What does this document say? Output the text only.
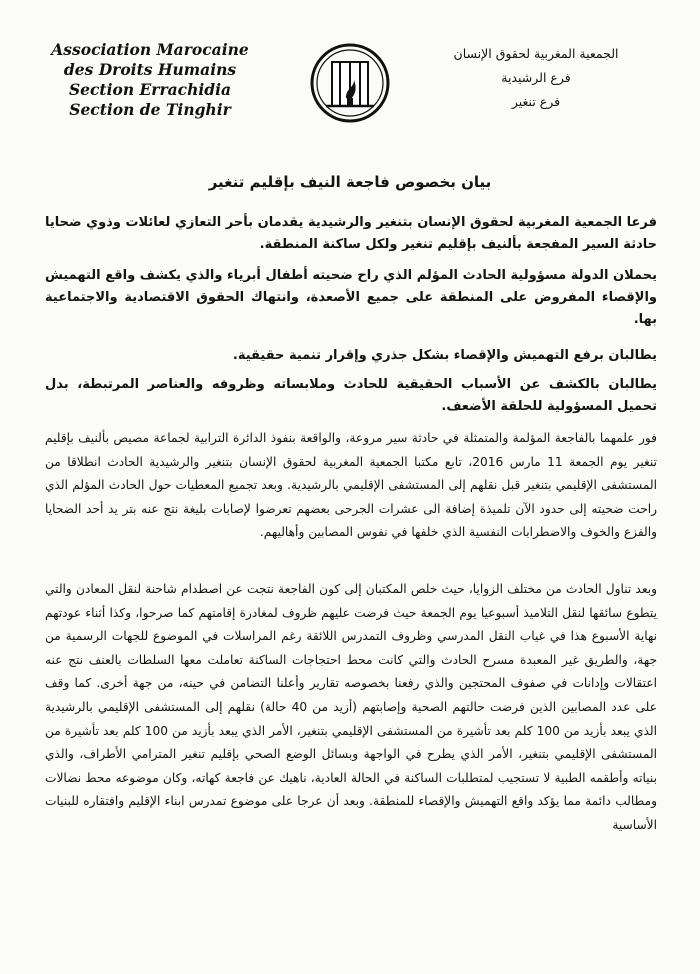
Association Marocaine
des Droits Humains
Section Errachidia
Section de Tinghir
الجمعية المغربية لحقوق الإنسان
فرع الرشيدية
فرع تنغير
بيان بخصوص فاجعة النيف بإقليم تنغير

فرعا الجمعية المغربية لحقوق الإنسان بتنغير والرشيدية يقدمان بأحر التعازي لعائلات وذوي ضحايا حادثة السير المفجعة بألنيف بإقليم تنغير ولكل ساكنة المنطقة.

يحملان الدولة مسؤولية الحادث المؤلم الذي راح ضحيته أطفال أبرياء والذي يكشف واقع التهميش والإقصاء المفروض على المنطقة على جميع الأصعدة، وانتهاك الحقوق الاقتصادية والاجتماعية بها.

يطالبان برفع التهميش والإقصاء بشكل جذري وإقرار تنمية حقيقية.

يطالبان بالكشف عن الأسباب الحقيقية للحادث وملابساته وظروفه والعناصر المرتبطة، بدل تحميل المسؤولية للحلقة الأضعف.

فور علمهما بالفاجعة المؤلمة والمتمثلة في حادثة سير مروعة، والواقعة بنفوذ الدائرة الترابية لجماعة مصيص بألنيف بإقليم تنغير يوم الجمعة 11 مارس 2016، تابع مكتبا الجمعية المغربية لحقوق الإنسان بتنغير والرشيدية الحادث انطلاقا من المستشفى الإقليمي بتنغير قبل نقلهم إلى المستشفى الإقليمي بالرشيدية. وبعد تجميع المعطيات حول الحادث المؤلم الذي راحت ضحيته إلى حدود الآن تلميذة إضافة الى عشرات الجرحى بعضهم تعرضوا لإصابات بليغة نتج عنه بتر يد أحد الضحايا والفزع والخوف والاضطرابات النفسية الذي خلفها في نفوس المصابين وأهاليهم.

وبعد تناول الحادث من مختلف الزوايا، حيث خلص المكتبان إلى كون الفاجعة نتجت عن اصطدام شاحنة لنقل المعادن والتي يتطوع سائقها لنقل التلاميذ أسبوعيا يوم الجمعة حيث فرضت عليهم ظروف لمغادرة إقامتهم كما صرحوا، وكذا أثناء عودتهم نهاية الأسبوع هذا في غياب النقل المدرسي وظروف التمدرس اللائقة رغم المراسلات في الموضوع للجهات الرسمية من جهة، والطريق غير المعبدة مسرح الحادث والتي كانت محط احتجاجات الساكنة تعاملت معها السلطات بالعنف نتج عنه اعتقالات وإدانات في صفوف المحتجين والذي رفعنا بخصوصه تقارير وأعلنا التضامن في حينه، من جهة أخرى. كما وقف على عدد المصابين الذين فرضت حالتهم الصحية وإصابتهم (أزيد من 40 حالة) نقلهم إلى المستشفى الإقليمي بالرشيدية الذي يبعد بأزيد من 100 كلم بعد تأشيرة من المستشفى الإقليمي بتنغير، الأمر الذي يبعد بأزيد من 100 كلم بعد تأشيرة من المستشفى الإقليمي بتنغير، الأمر الذي يطرح في الواجهة وبسائل الوضع الصحي بإقليم تنغير المترامي الأطراف، والذي بنياته وأطقمه الطبية لا تستجيب لمتطلبات الساكنة في الحالة العادية، ناهيك عن فاجعة كهاته، وكان موضوعه محط نضالات ومطالب دائمة مما يؤكد واقع التهميش والإقصاء للمنطقة. وبعد أن عرجا على موضوع تمدرس ابناء الإقليم وافتقاره للبنيات الأساسية
